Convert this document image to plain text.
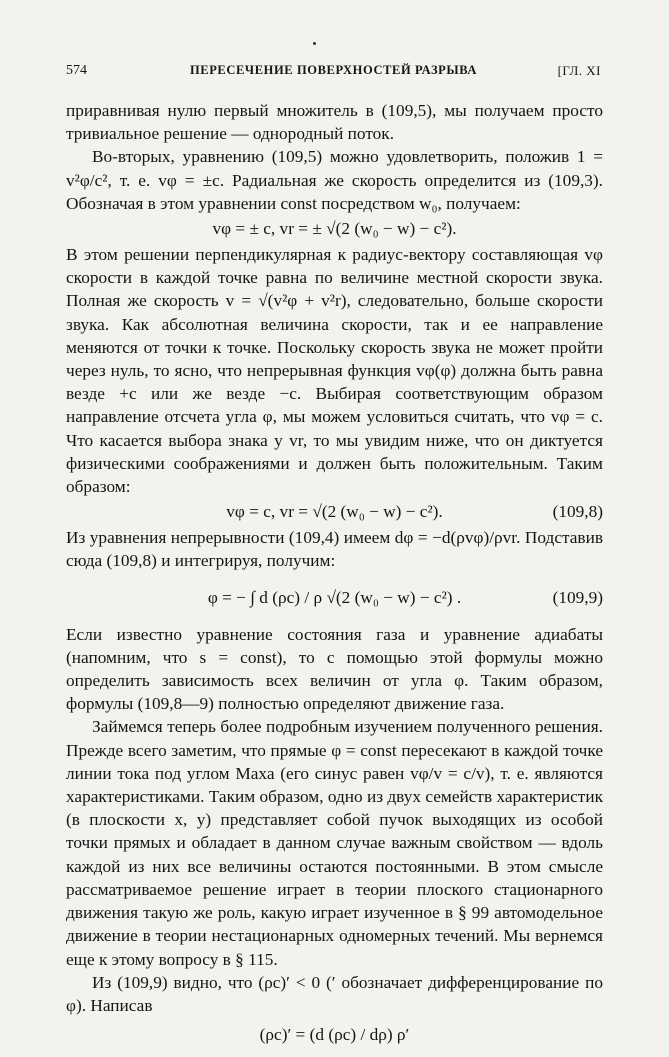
574	ПЕРЕСЕЧЕНИЕ ПОВЕРХНОСТЕЙ РАЗРЫВА	[ГЛ. XI

приравнивая нулю первый множитель в (109,5), мы получаем просто тривиальное решение — однородный поток.

Во-вторых, уравнению (109,5) можно удовлетворить, положив 1 = v²φ/c², т. е. vφ = ±c. Радиальная же скорость определится из (109,3). Обозначая в этом уравнении const посредством w₀, получаем:

vφ = ± c, vr = ± √(2 (w₀ − w) − c²).

В этом решении перпендикулярная к радиус-вектору составляющая vφ скорости в каждой точке равна по величине местной скорости звука. Полная же скорость v = √(v²φ + v²r), следовательно, больше скорости звука. Как абсолютная величина скорости, так и ее направление меняются от точки к точке. Поскольку скорость звука не может пройти через нуль, то ясно, что непрерывная функция vφ(φ) должна быть равна везде +c или же везде −c. Выбирая соответствующим образом направление отсчета угла φ, мы можем условиться считать, что vφ = c. Что касается выбора знака у vr, то мы увидим ниже, что он диктуется физическими соображениями и должен быть положительным. Таким образом:

vφ = c, vr = √(2 (w₀ − w) − c²).	(109,8)

Из уравнения непрерывности (109,4) имеем dφ = −d(ρvφ)/ρvr. Подставив сюда (109,8) и интегрируя, получим:

φ = − ∫ d (ρc) / ρ √(2 (w₀ − w) − c²) .	(109,9)

Если известно уравнение состояния газа и уравнение адиабаты (напомним, что s = const), то с помощью этой формулы можно определить зависимость всех величин от угла φ. Таким образом, формулы (109,8—9) полностью определяют движение газа.

Займемся теперь более подробным изучением полученного решения. Прежде всего заметим, что прямые φ = const пересекают в каждой точке линии тока под углом Маха (его синус равен vφ/v = c/v), т. е. являются характеристиками. Таким образом, одно из двух семейств характеристик (в плоскости x, y) представляет собой пучок выходящих из особой точки прямых и обладает в данном случае важным свойством — вдоль каждой из них все величины остаются постоянными. В этом смысле рассматриваемое решение играет в теории плоского стационарного движения такую же роль, какую играет изученное в § 99 автомодельное движение в теории нестационарных одномерных течений. Мы вернемся еще к этому вопросу в § 115.

Из (109,9) видно, что (ρc)′ < 0 (′ обозначает дифференцирование по φ). Написав

(ρc)′ = (d (ρc) / dρ) ρ′
